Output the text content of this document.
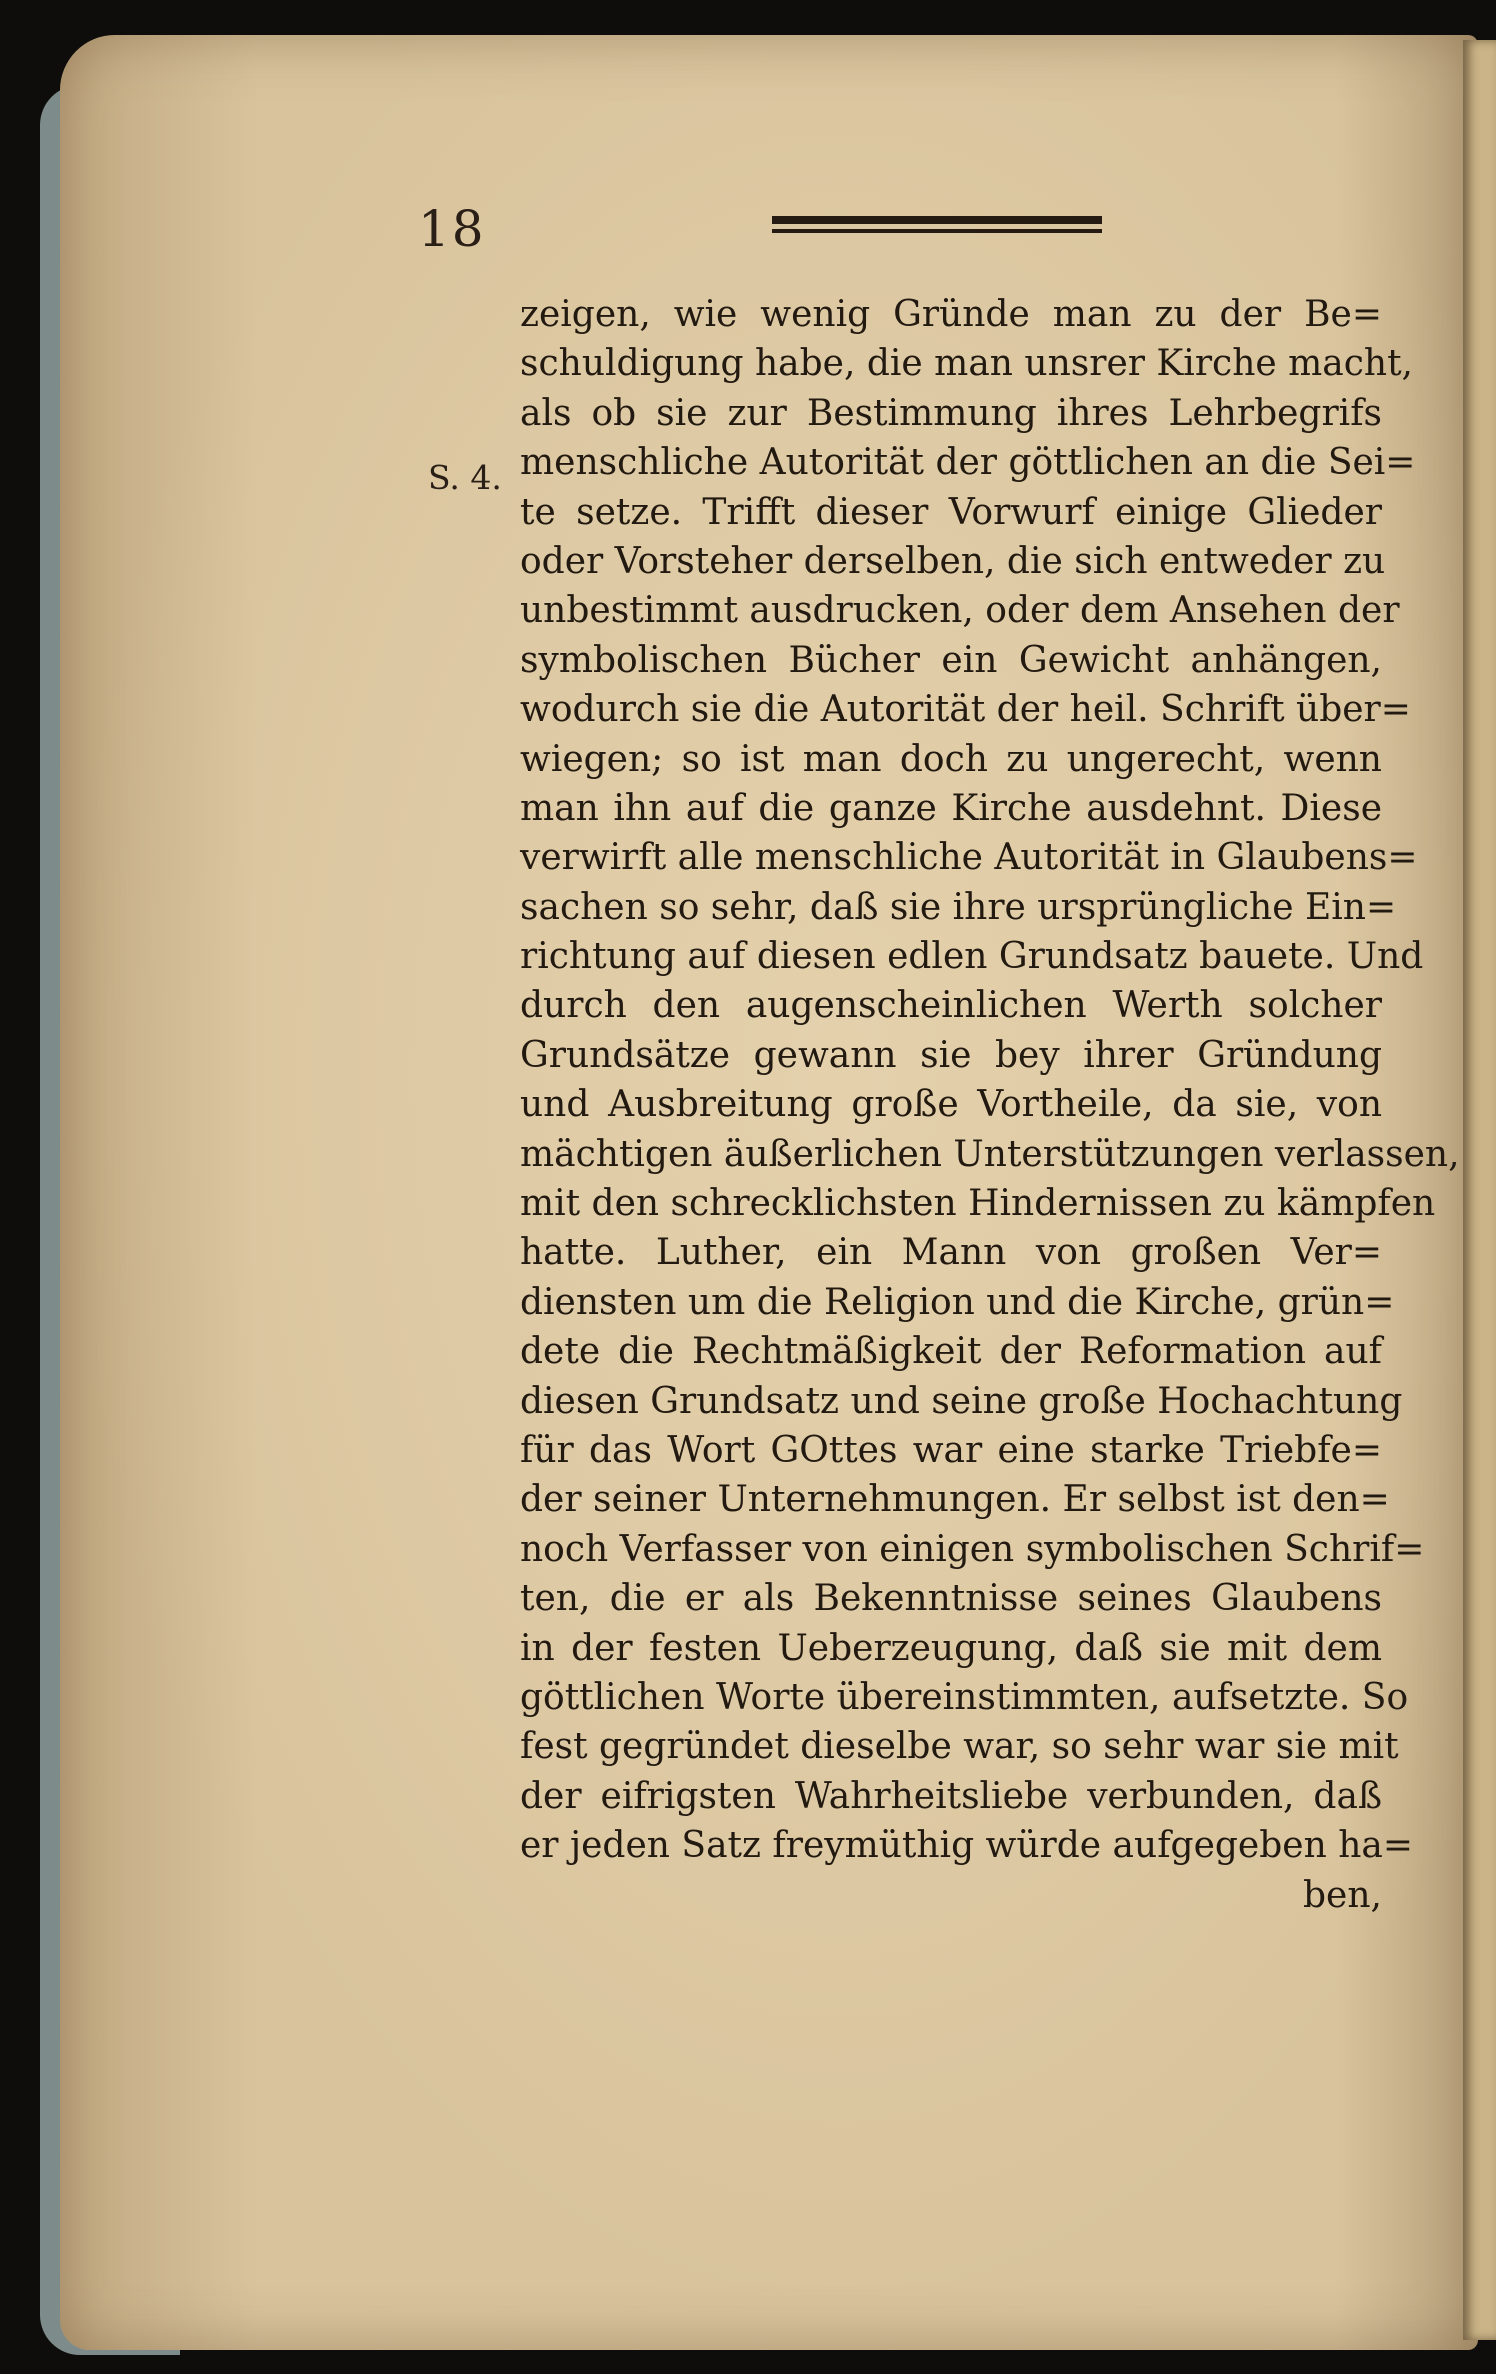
18
S. 4.
zeigen, wie wenig Gründe man zu der Be=
schuldigung habe, die man unsrer Kirche macht,
als ob sie zur Bestimmung ihres Lehrbegrifs
menschliche Autorität der göttlichen an die Sei=
te setze. Trifft dieser Vorwurf einige Glieder
oder Vorsteher derselben, die sich entweder zu
unbestimmt ausdrucken, oder dem Ansehen der
symbolischen Bücher ein Gewicht anhängen,
wodurch sie die Autorität der heil. Schrift über=
wiegen; so ist man doch zu ungerecht, wenn
man ihn auf die ganze Kirche ausdehnt. Diese
verwirft alle menschliche Autorität in Glaubens=
sachen so sehr, daß sie ihre ursprüngliche Ein=
richtung auf diesen edlen Grundsatz bauete. Und
durch den augenscheinlichen Werth solcher
Grundsätze gewann sie bey ihrer Gründung
und Ausbreitung große Vortheile, da sie, von
mächtigen äußerlichen Unterstützungen verlassen,
mit den schrecklichsten Hindernissen zu kämpfen
hatte. Luther, ein Mann von großen Ver=
diensten um die Religion und die Kirche, grün=
dete die Rechtmäßigkeit der Reformation auf
diesen Grundsatz und seine große Hochachtung
für das Wort GOttes war eine starke Triebfe=
der seiner Unternehmungen. Er selbst ist den=
noch Verfasser von einigen symbolischen Schrif=
ten, die er als Bekenntnisse seines Glaubens
in der festen Ueberzeugung, daß sie mit dem
göttlichen Worte übereinstimmten, aufsetzte. So
fest gegründet dieselbe war, so sehr war sie mit
der eifrigsten Wahrheitsliebe verbunden, daß
er jeden Satz freymüthig würde aufgegeben ha=
ben,
